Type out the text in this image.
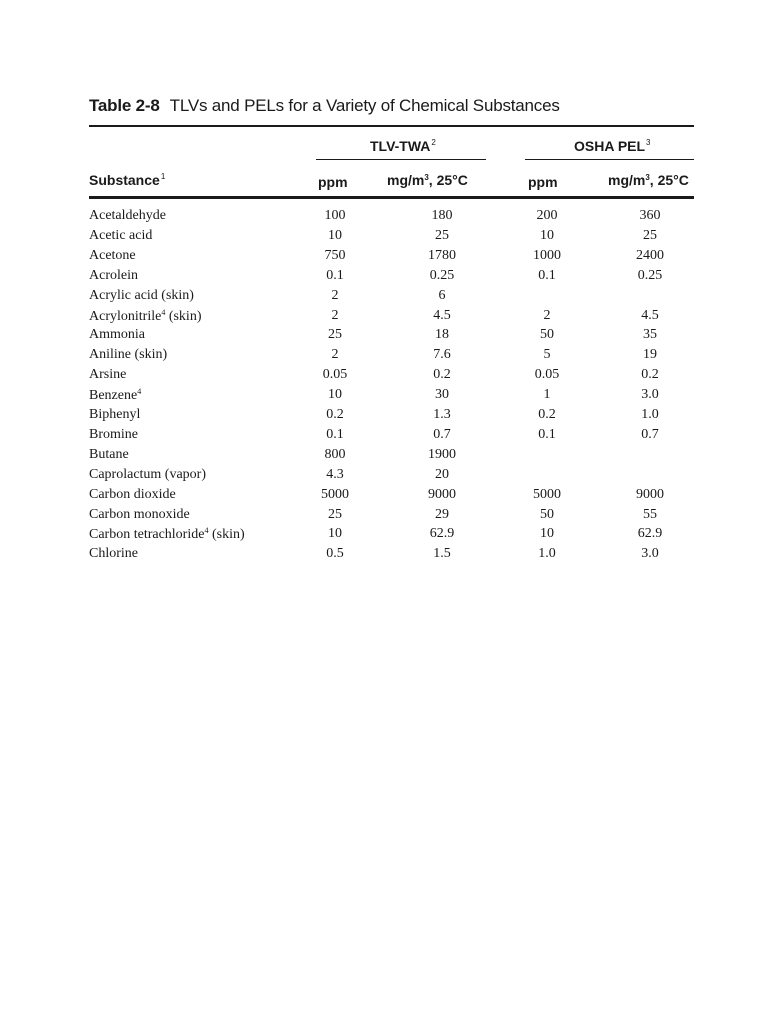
Table 2-8 TLVs and PELs for a Variety of Chemical Substances
TLV-TWA$^2$	OSHA PEL$^3$
Substance$^1$	ppm	$mg/m^3$, 25°C	ppm	$mg/m^3$, 25°C
Acetaldehyde	100	180	200	360
Acetic acid	10	25	10	25
Acetone	750	1780	1000	2400
Acrolein	0.1	0.25	0.1	0.25
Acrylic acid (skin)	2	6
Acrylonitrile$^4$ (skin)	2	4.5	2	4.5
Ammonia	25	18	50	35
Aniline (skin)	2	7.6	5	19
Arsine	0.05	0.2	0.05	0.2
Benzene$^4$	10	30	1	3.0
Biphenyl	0.2	1.3	0.2	1.0
Bromine	0.1	0.7	0.1	0.7
Butane	800	1900
Caprolactum (vapor)	4.3	20
Carbon dioxide	5000	9000	5000	9000
Carbon monoxide	25	29	50	55
Carbon tetrachloride$^4$ (skin)	10	62.9	10	62.9
Chlorine	0.5	1.5	1.0	3.0
